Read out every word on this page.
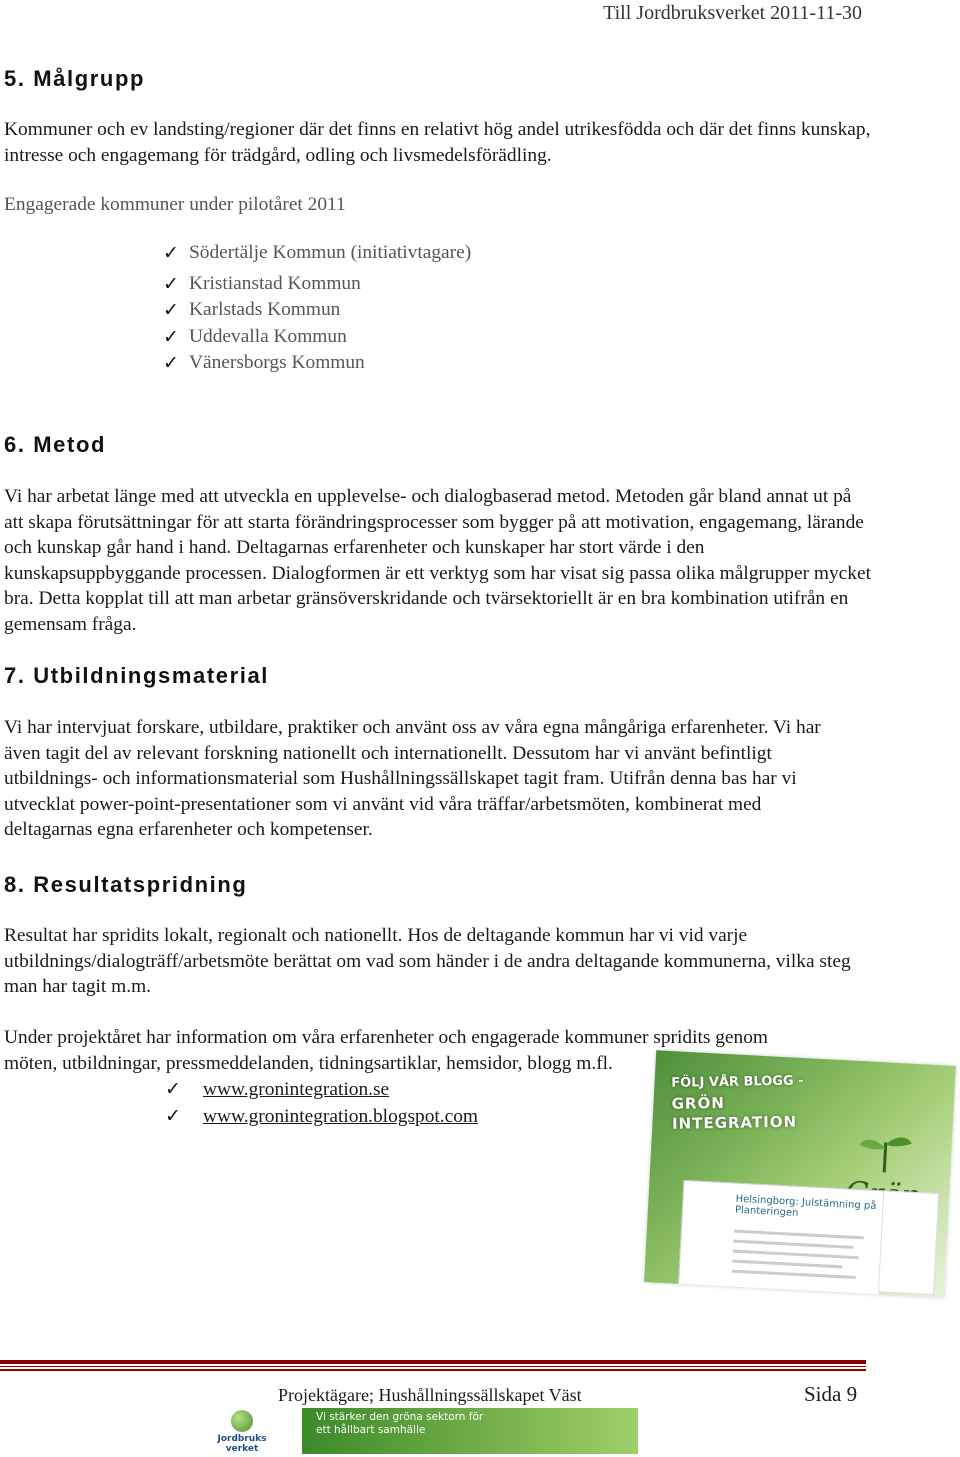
Till Jordbruksverket 2011-11-30
5. Målgrupp

Kommuner och ev landsting/regioner där det finns en relativt hög andel utrikesfödda och där det finns kunskap, intresse och engagemang för trädgård, odling och livsmedelsförädling.

Engagerade kommuner under pilotåret 2011

✓ Södertälje Kommun (initiativtagare)
✓ Kristianstad Kommun
✓ Karlstads Kommun
✓ Uddevalla Kommun
✓ Vänersborgs Kommun
6. Metod

Vi har arbetat länge med att utveckla en upplevelse- och dialogbaserad metod. Metoden går bland annat ut på att skapa förutsättningar för att starta förändringsprocesser som bygger på att motivation, engagemang, lärande och kunskap går hand i hand. Deltagarnas erfarenheter och kunskaper har stort värde i den kunskapsuppbyggande processen. Dialogformen är ett verktyg som har visat sig passa olika målgrupper mycket bra. Detta kopplat till att man arbetar gränsöverskridande och tvärsektoriellt är en bra kombination utifrån en gemensam fråga.

7. Utbildningsmaterial

Vi har intervjuat forskare, utbildare, praktiker och använt oss av våra egna mångåriga erfarenheter. Vi har även tagit del av relevant forskning nationellt och internationellt. Dessutom har vi använt befintligt utbildnings- och informationsmaterial som Hushållningssällskapet tagit fram. Utifrån denna bas har vi utvecklat power-point-presentationer som vi använt vid våra träffar/arbetsmöten, kombinerat med deltagarnas egna erfarenheter och kompetenser.

8. Resultatspridning

Resultat har spridits lokalt, regionalt och nationellt. Hos de deltagande kommun har vi vid varje utbildnings/dialogträff/arbetsmöte berättat om vad som händer i de andra deltagande kommunerna, vilka steg man har tagit m.m.

Under projektåret har information om våra erfarenheter och engagerade kommuner spridits genom möten, utbildningar, pressmeddelanden, tidningsartiklar, hemsidor, blogg m.fl.

FÖLJ VÅR BLOGG -
GRÖN
INTEGRATION
Helsingborg: Julstämning på Planteringen
✓	www.gronintegration.se
✓	www.gronintegration.blogspot.com
Projektägare; Hushållningssällskapet Väst	Sida 9
Jordbruks verket
Vi stärker den gröna sektorn för ett hållbart samhälle
